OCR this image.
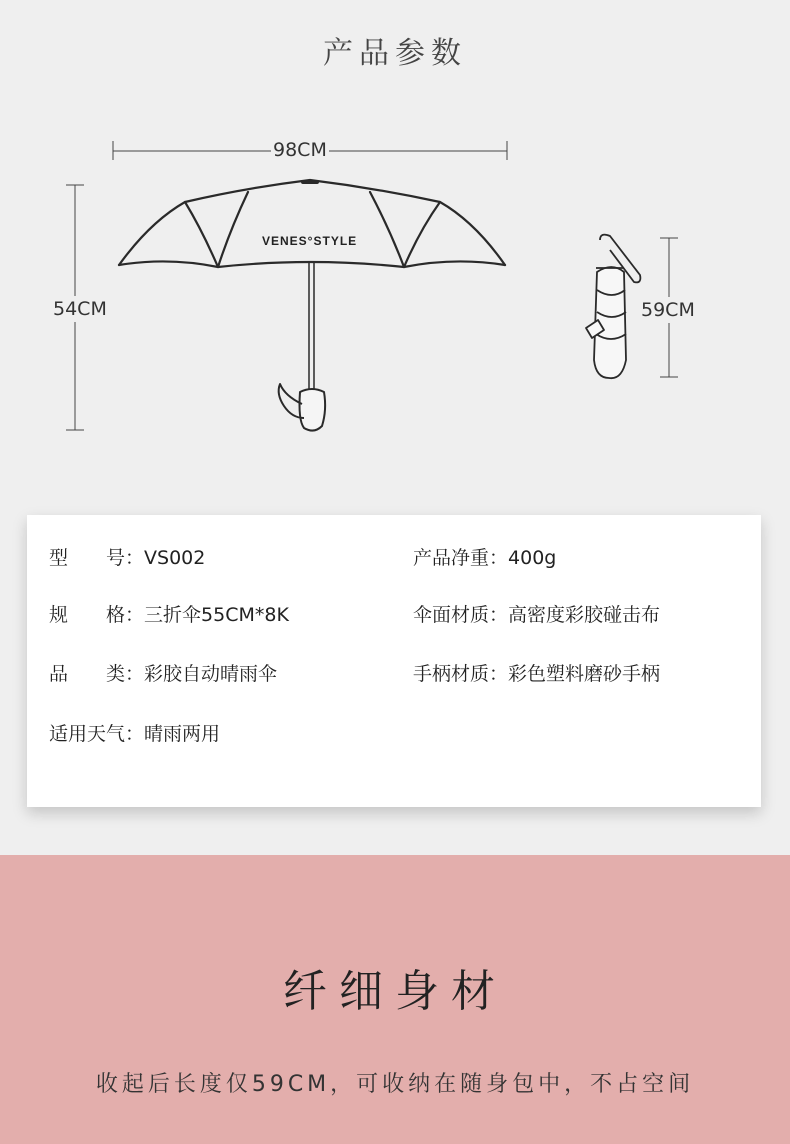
产品参数
98CM
54CM	59CM
VENES°STYLE
型　　号：VS002	产品净重：400g
规　　格：三折伞55CM*8K	伞面材质：高密度彩胶碰击布
品　　类：彩胶自动晴雨伞	手柄材质：彩色塑料磨砂手柄
适用天气：晴雨两用
纤细身材
收起后长度仅59CM，可收纳在随身包中，不占空间
